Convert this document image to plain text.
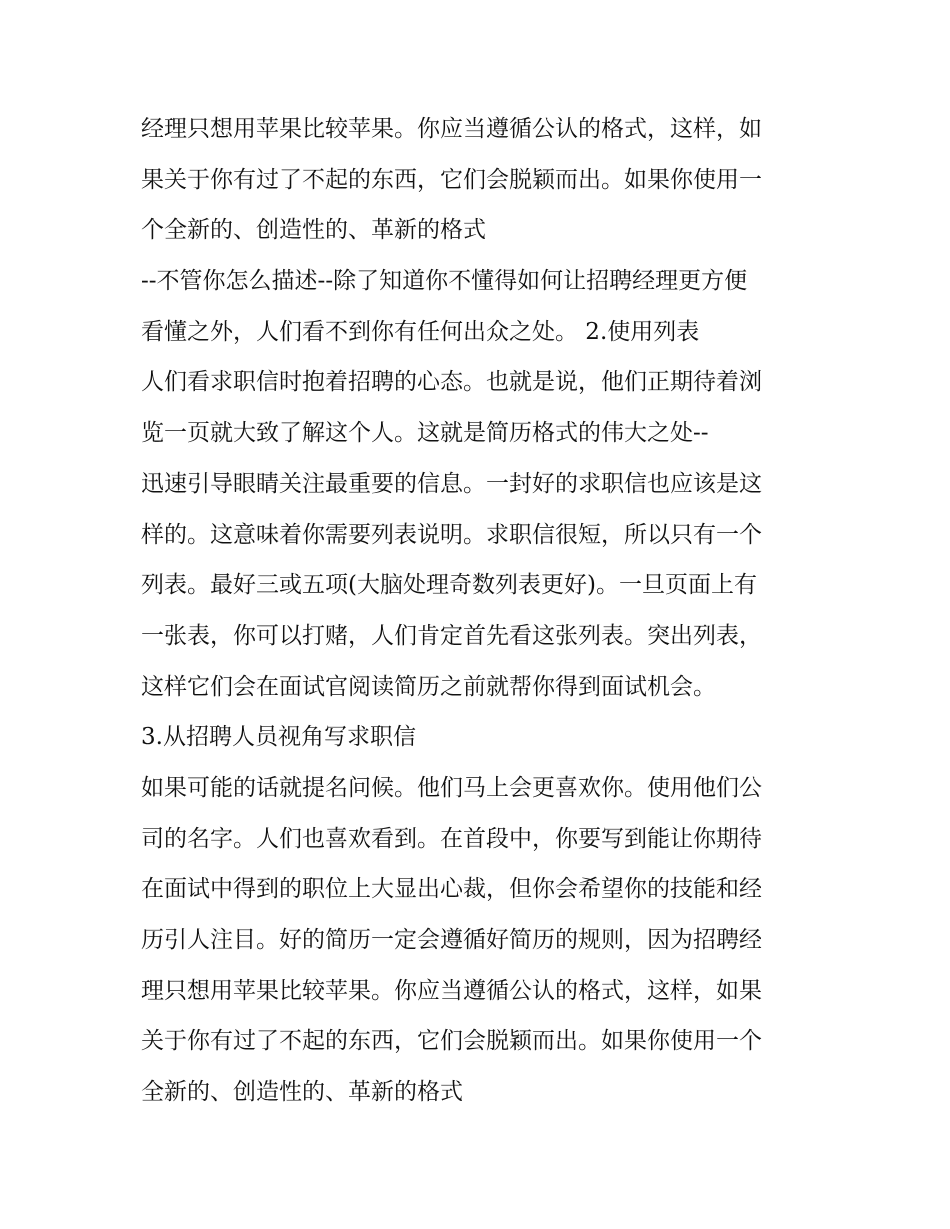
经理只想用苹果比较苹果。你应当遵循公认的格式，这样，如
果关于你有过了不起的东西，它们会脱颖而出。如果你使用一
个全新的、创造性的、革新的格式
--不管你怎么描述--除了知道你不懂得如何让招聘经理更方便
看懂之外，人们看不到你有任何出众之处。 2.使用列表
人们看求职信时抱着招聘的心态。也就是说，他们正期待着浏
览一页就大致了解这个人。这就是简历格式的伟大之处--
迅速引导眼睛关注最重要的信息。一封好的求职信也应该是这
样的。这意味着你需要列表说明。求职信很短，所以只有一个
列表。最好三或五项(大脑处理奇数列表更好)。一旦页面上有
一张表，你可以打赌，人们肯定首先看这张列表。突出列表，
这样它们会在面试官阅读简历之前就帮你得到面试机会。
3.从招聘人员视角写求职信
如果可能的话就提名问候。他们马上会更喜欢你。使用他们公
司的名字。人们也喜欢看到。在首段中，你要写到能让你期待
在面试中得到的职位上大显出心裁，但你会希望你的技能和经
历引人注目。好的简历一定会遵循好简历的规则，因为招聘经
理只想用苹果比较苹果。你应当遵循公认的格式，这样，如果
关于你有过了不起的东西，它们会脱颖而出。如果你使用一个
全新的、创造性的、革新的格式
